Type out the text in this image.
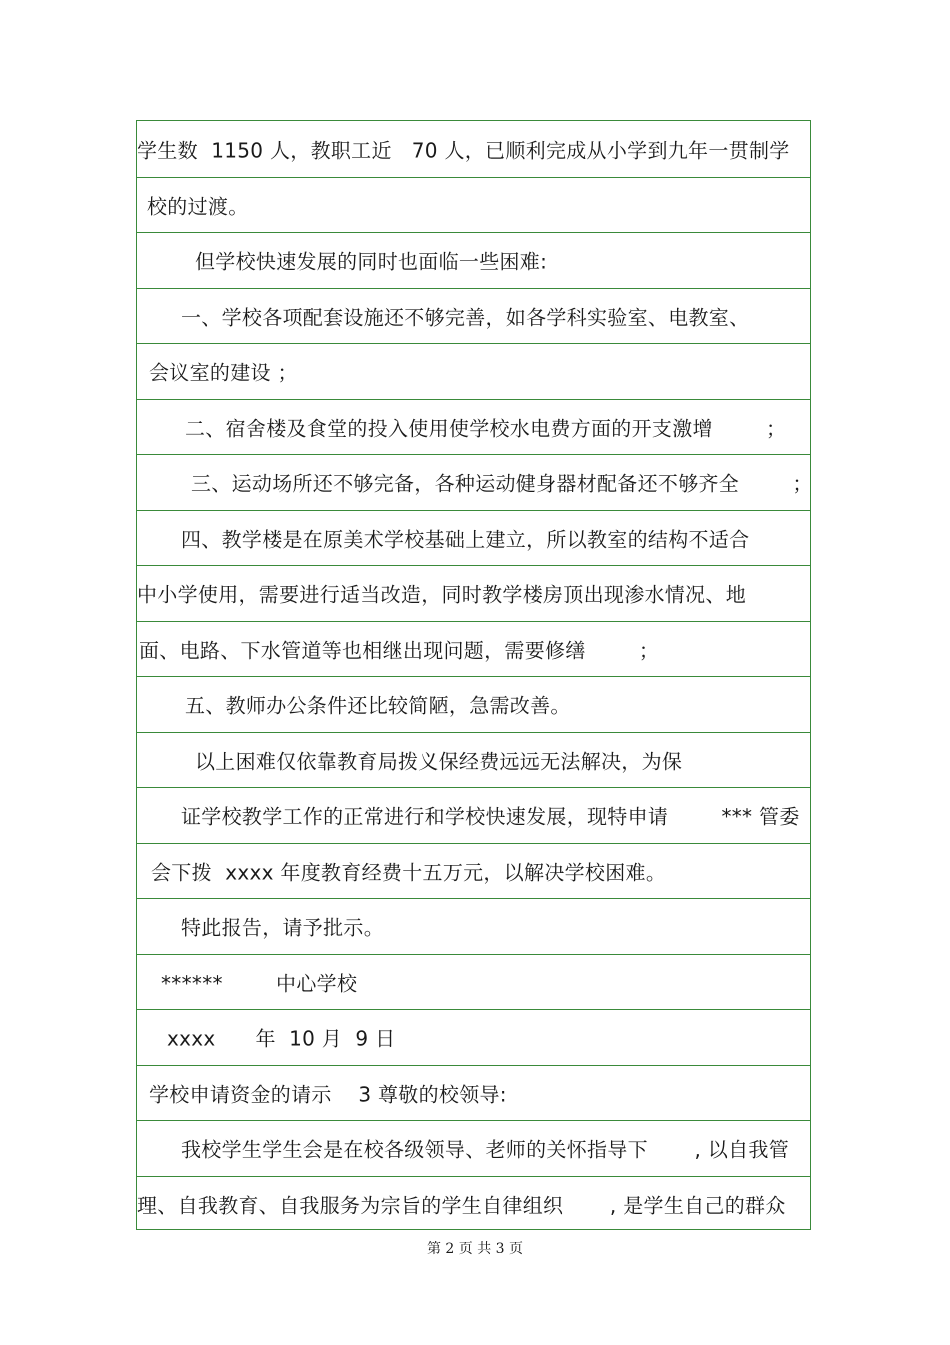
学生数  1150 人，教职工近   70 人，已顺利完成从小学到九年一贯制学
校的过渡。
但学校快速发展的同时也面临一些困难:
一、学校各项配套设施还不够完善，如各学科实验室、电教室、
会议室的建设 ；
二、宿舍楼及食堂的投入使用使学校水电费方面的开支激增        ；
三、运动场所还不够完备，各种运动健身器材配备还不够齐全        ；
四、教学楼是在原美术学校基础上建立，所以教室的结构不适合
中小学使用，需要进行适当改造，同时教学楼房顶出现渗水情况、地
面、电路、下水管道等也相继出现问题，需要修缮        ；
五、教师办公条件还比较简陋，急需改善。
以上困难仅依靠教育局拨义保经费远远无法解决，为保
证学校教学工作的正常进行和学校快速发展，现特申请        *** 管委
会下拨  xxxx 年度教育经费十五万元，以解决学校困难。
特此报告，请予批示。
******        中心学校
xxxx      年  10 月  9 日
学校申请资金的请示    3 尊敬的校领导:
我校学生学生会是在校各级领导、老师的关怀指导下       , 以自我管
理、自我教育、自我服务为宗旨的学生自律组织       , 是学生自己的群众
第 2 页 共 3 页
